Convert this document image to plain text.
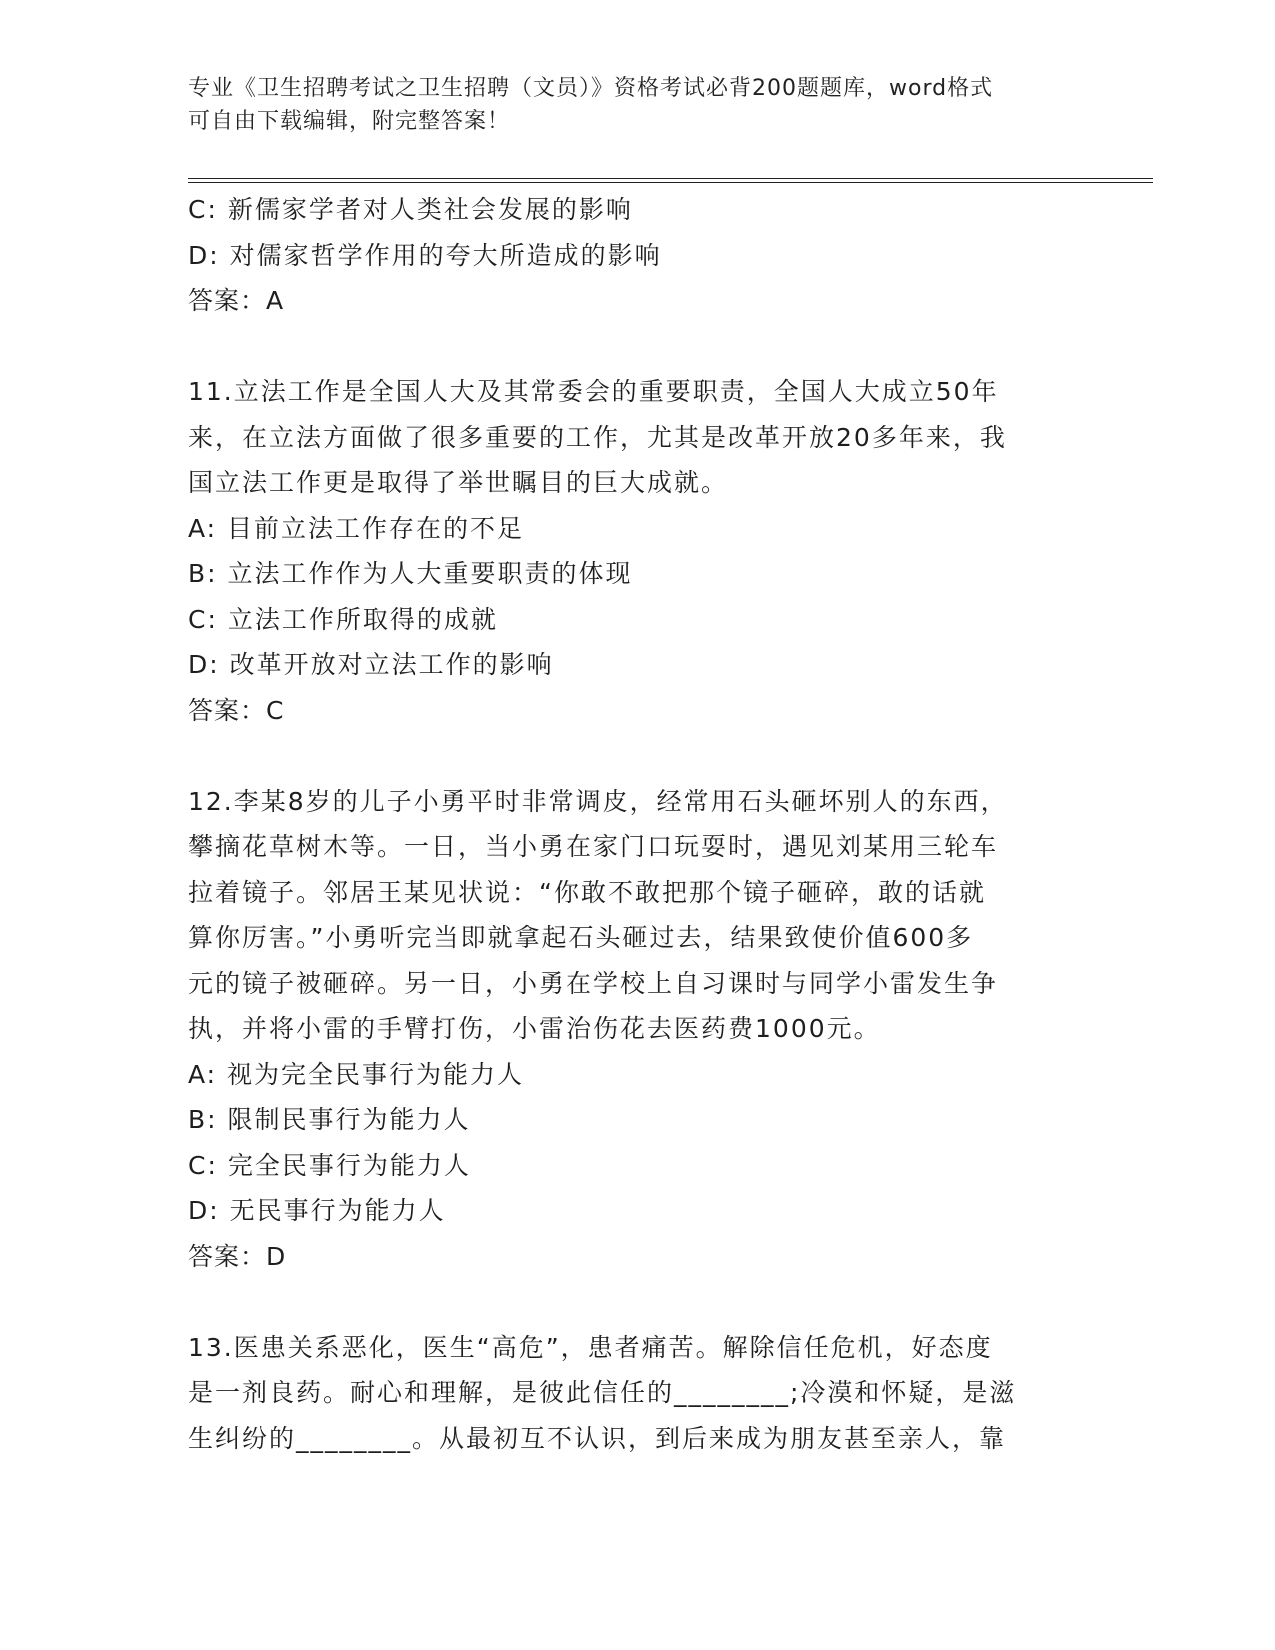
专业《卫生招聘考试之卫生招聘（文员）》资格考试必背200题题库，word格式
可自由下载编辑，附完整答案！

C: 新儒家学者对人类社会发展的影响

D: 对儒家哲学作用的夸大所造成的影响

答案：A

11.立法工作是全国人大及其常委会的重要职责，全国人大成立50年

来，在立法方面做了很多重要的工作，尤其是改革开放20多年来，我

国立法工作更是取得了举世瞩目的巨大成就。

A: 目前立法工作存在的不足

B: 立法工作作为人大重要职责的体现

C: 立法工作所取得的成就

D: 改革开放对立法工作的影响

答案：C

12.李某8岁的儿子小勇平时非常调皮，经常用石头砸坏别人的东西，

攀摘花草树木等。一日，当小勇在家门口玩耍时，遇见刘某用三轮车

拉着镜子。邻居王某见状说：“你敢不敢把那个镜子砸碎，敢的话就

算你厉害。”小勇听完当即就拿起石头砸过去，结果致使价值600多

元的镜子被砸碎。另一日，小勇在学校上自习课时与同学小雷发生争

执，并将小雷的手臂打伤，小雷治伤花去医药费1000元。

A: 视为完全民事行为能力人

B: 限制民事行为能力人

C: 完全民事行为能力人

D: 无民事行为能力人

答案：D

13.医患关系恶化，医生“高危”，患者痛苦。解除信任危机，好态度

是一剂良药。耐心和理解，是彼此信任的________;冷漠和怀疑，是滋

生纠纷的________。从最初互不认识，到后来成为朋友甚至亲人，靠
